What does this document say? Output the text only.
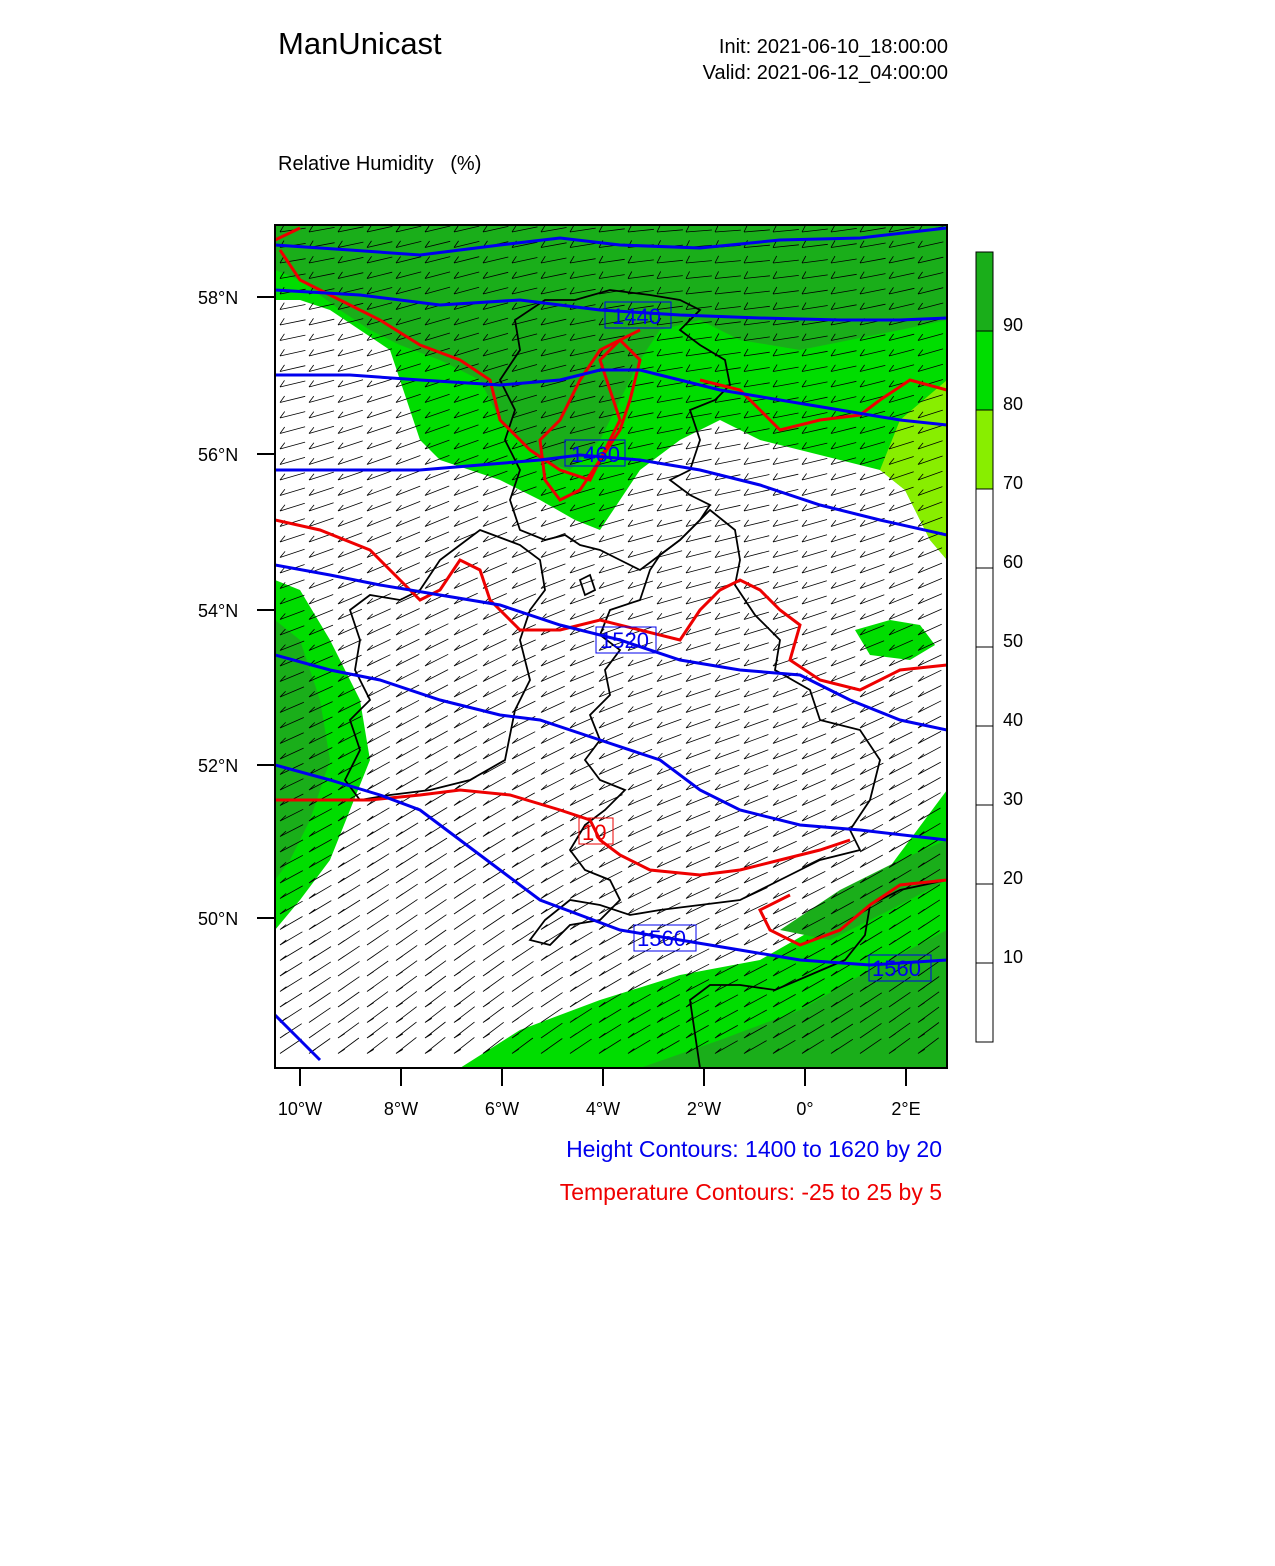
ManUnicast	Init: 2021-06-10_18:00:00
Valid: 2021-06-12_04:00:00

Relative Humidity   (%)

1440
1460
1520
1560
1560
10
58°N
56°N
54°N
52°N
50°N
10°W	8°W	6°W	4°W	2°W	0°	2°E
90
80
70
60
50
40
30
20
10
Height Contours: 1400 to 1620 by 20
Temperature Contours: -25 to 25 by 5
